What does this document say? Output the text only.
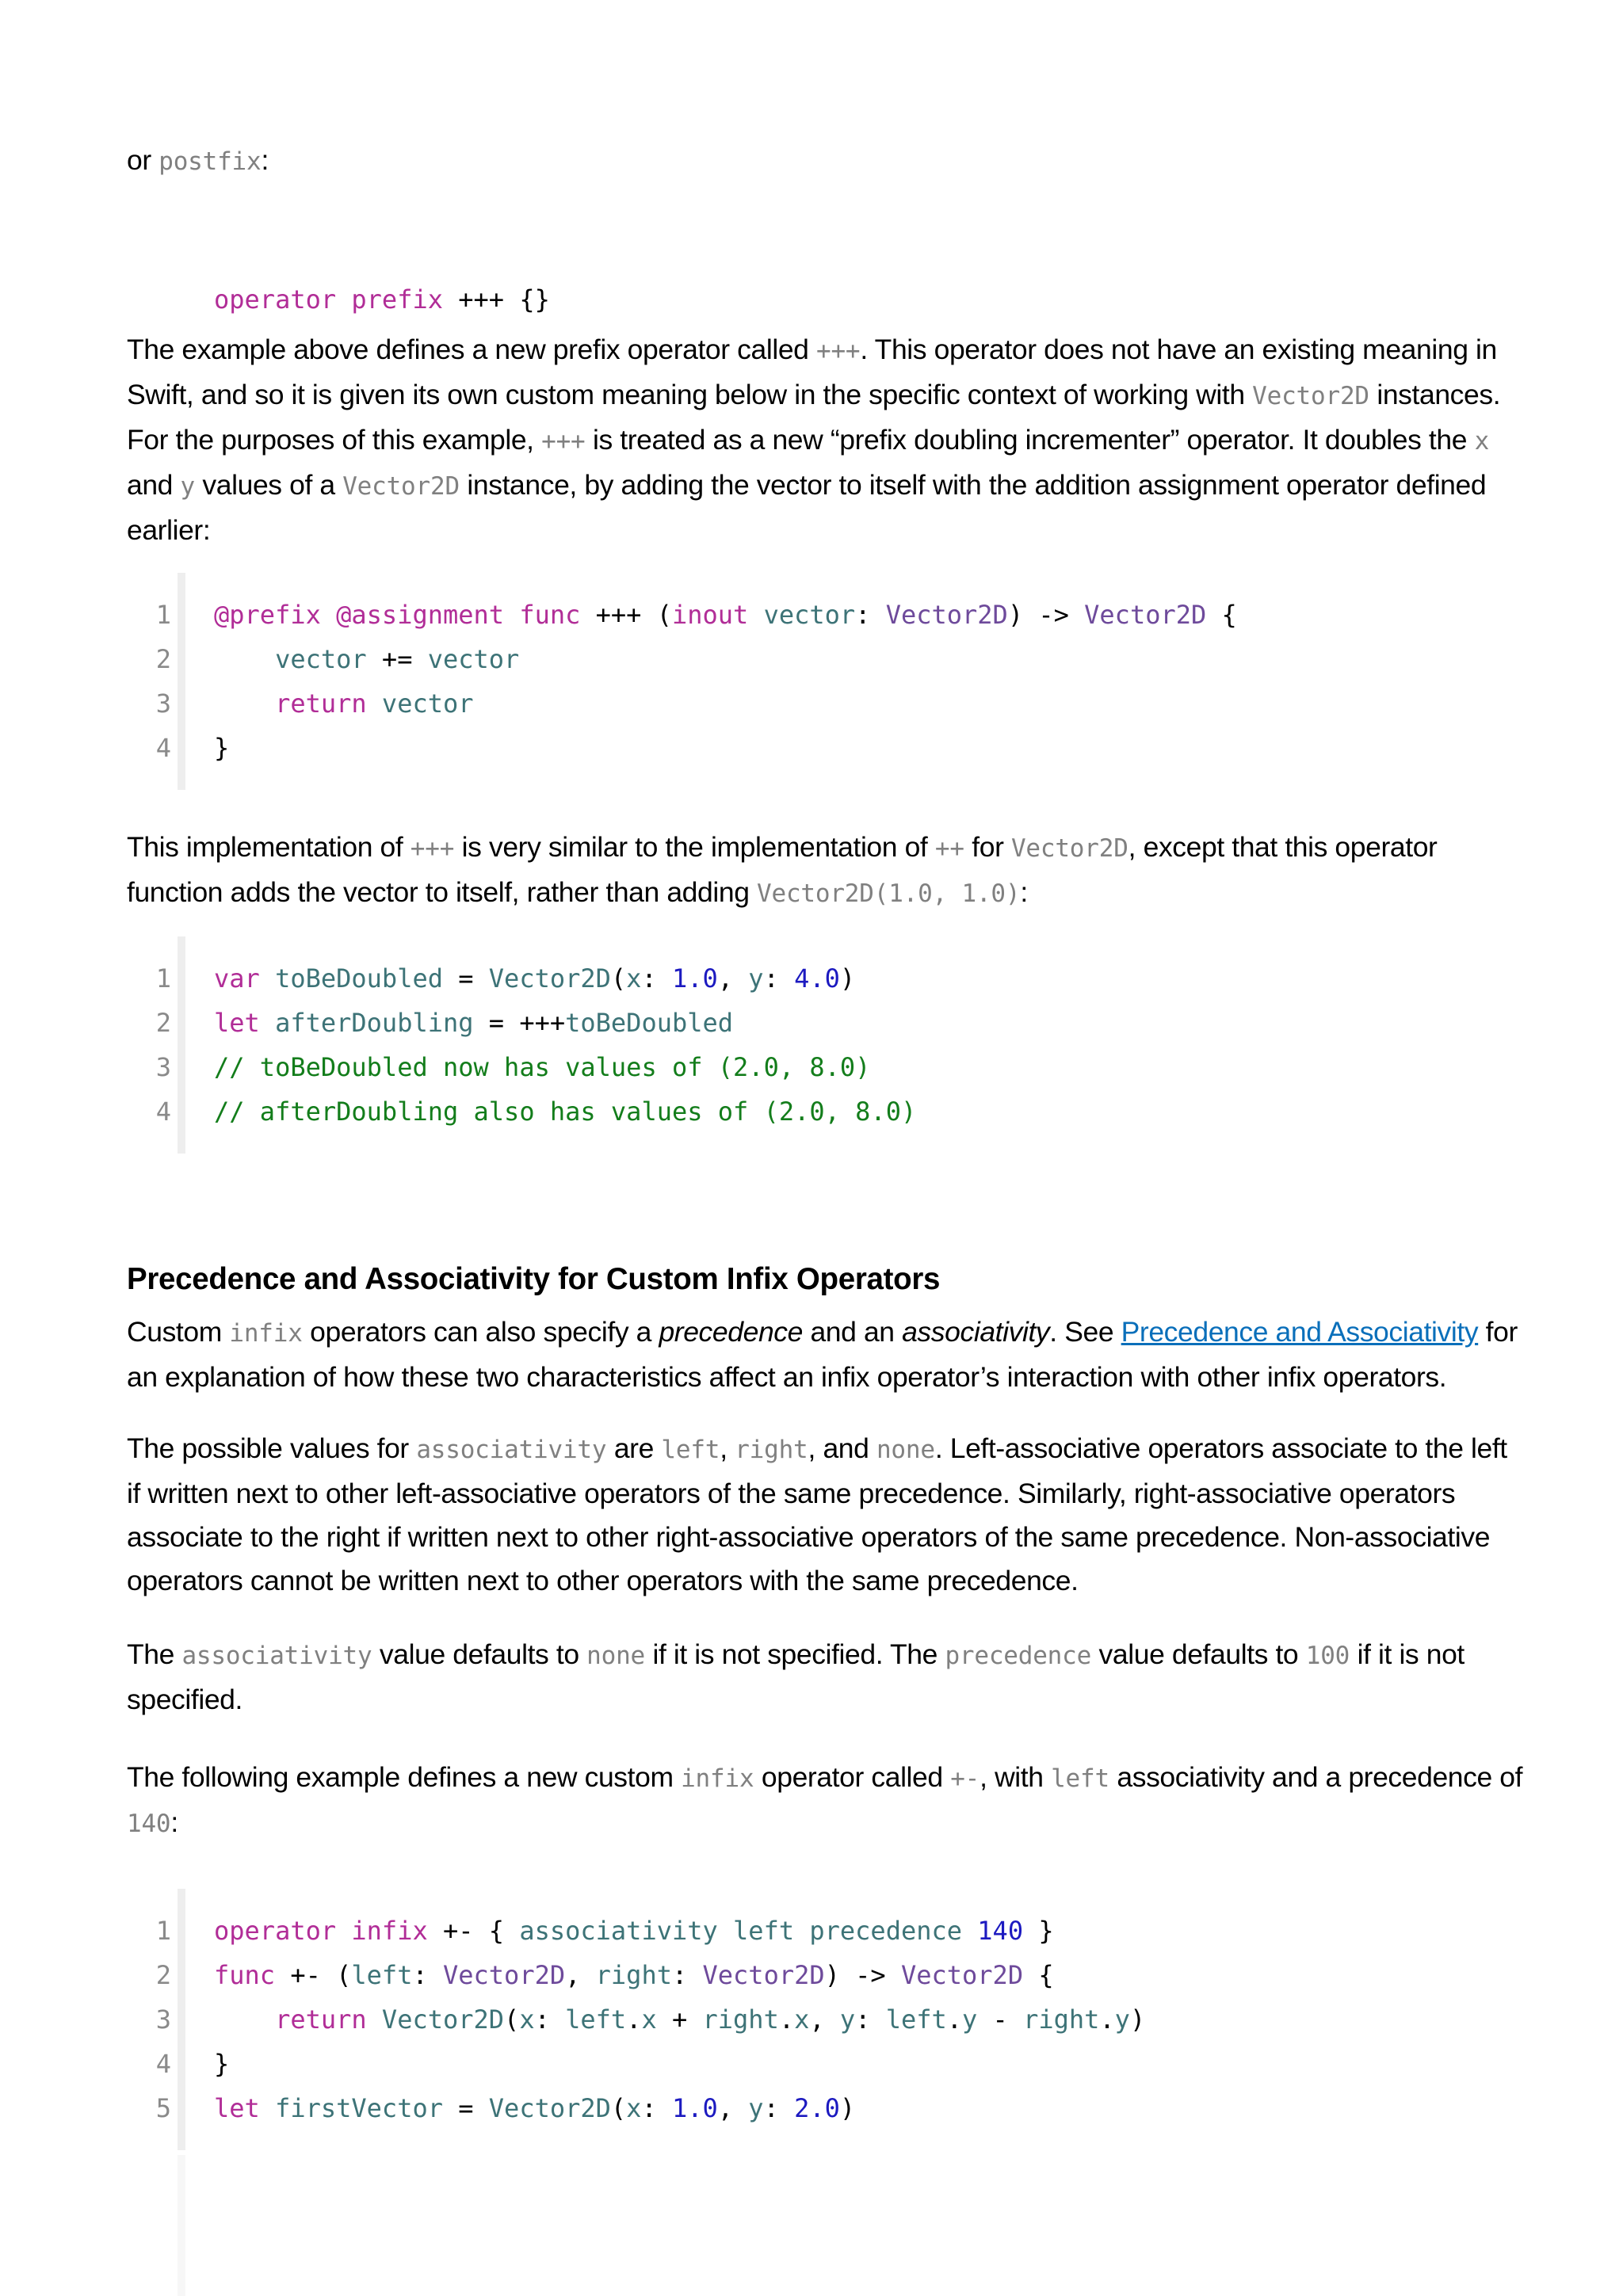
or postfix:

operator prefix +++ {}

The example above defines a new prefix operator called +++. This operator does not have an existing meaning in
Swift, and so it is given its own custom meaning below in the specific context of working with Vector2D instances.
For the purposes of this example, +++ is treated as a new “prefix doubling incrementer” operator. It doubles the x
and y values of a Vector2D instance, by adding the vector to itself with the addition assignment operator defined
earlier:

1 @prefix @assignment func +++ (inout vector: Vector2D) -> Vector2D {
2	vector += vector
3	return vector
4 }

This implementation of +++ is very similar to the implementation of ++ for Vector2D, except that this operator
function adds the vector to itself, rather than adding Vector2D(1.0, 1.0):

1 var toBeDoubled = Vector2D(x: 1.0, y: 4.0)
2 let afterDoubling = +++toBeDoubled
3 // toBeDoubled now has values of (2.0, 8.0)
4 // afterDoubling also has values of (2.0, 8.0)
Precedence and Associativity for Custom Infix Operators

Custom infix operators can also specify a precedence and an associativity. See Precedence and Associativity for
an explanation of how these two characteristics affect an infix operator’s interaction with other infix operators.

The possible values for associativity are left, right, and none. Left-associative operators associate to the left
if written next to other left-associative operators of the same precedence. Similarly, right-associative operators
associate to the right if written next to other right-associative operators of the same precedence. Non-associative
operators cannot be written next to other operators with the same precedence.

The associativity value defaults to none if it is not specified. The precedence value defaults to 100 if it is not
specified.

The following example defines a new custom infix operator called +-, with left associativity and a precedence of
140:

1 operator infix +- { associativity left precedence 140 }
2 func +- (left: Vector2D, right: Vector2D) -> Vector2D {
3	return Vector2D(x: left.x + right.x, y: left.y - right.y)
4 }
5 let firstVector = Vector2D(x: 1.0, y: 2.0)
